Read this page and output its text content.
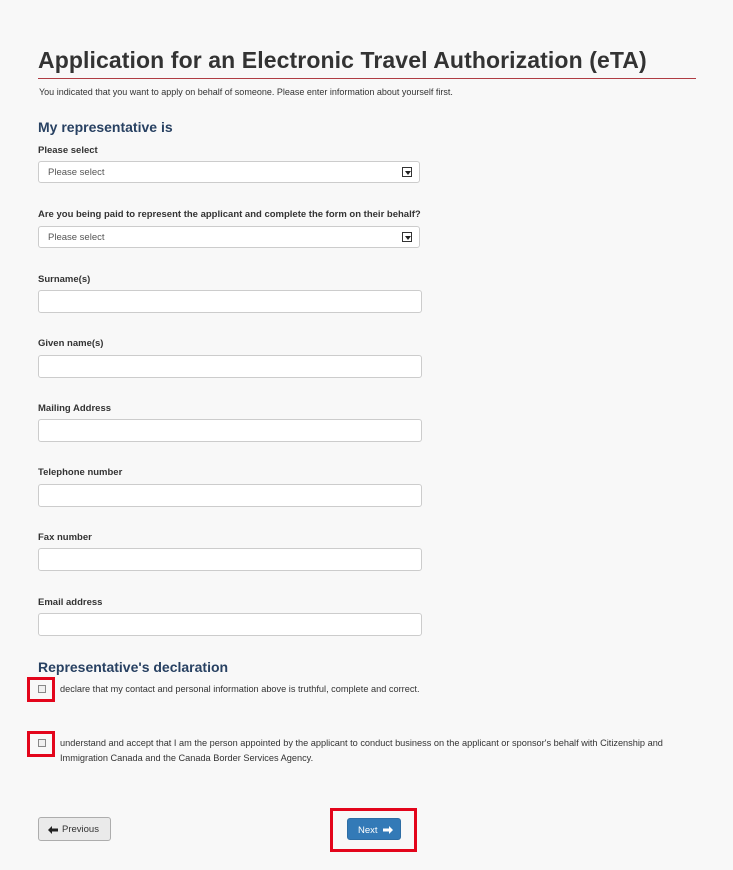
Application for an Electronic Travel Authorization (eTA)
You indicated that you want to apply on behalf of someone. Please enter information about yourself first.
My representative is
Please select
Please select
Are you being paid to represent the applicant and complete the form on their behalf?
Please select
Surname(s)
Given name(s)
Mailing Address
Telephone number
Fax number
Email address
Representative's declaration
declare that my contact and personal information above is truthful, complete and correct.
understand and accept that I am the person appointed by the applicant to conduct business on the applicant or sponsor's behalf with Citizenship and Immigration Canada and the Canada Border Services Agency.
Previous	Next
